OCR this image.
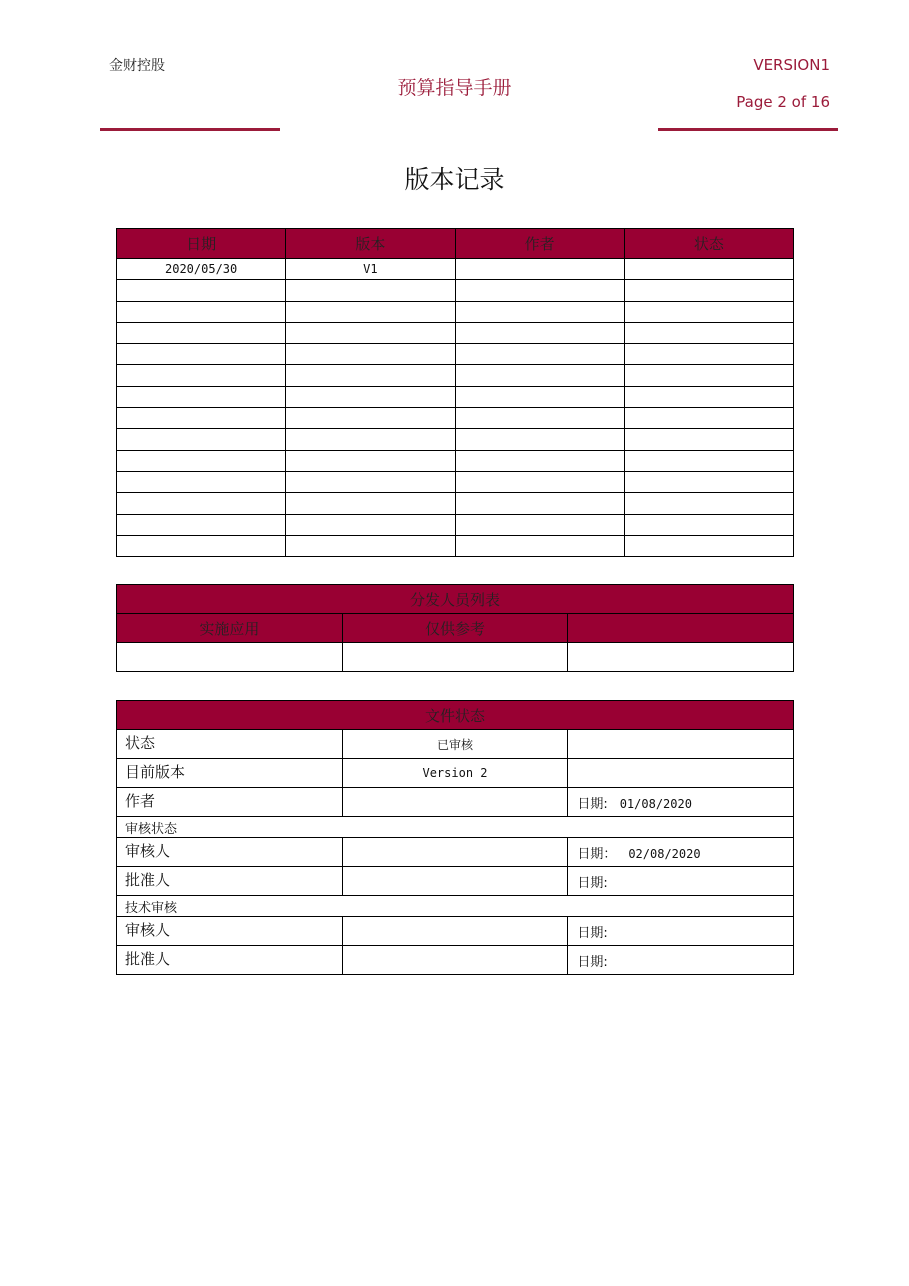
金财控股
预算指导手册
VERSION1
Page 2 of 16
版本记录
日期	版本	作者	状态
2020/05/30	V1		

分发人员列表		
实施应用	仅供参考	

文件状态		
状态	已审核	
目前版本	Version 2	
作者		日期: 01/08/2020
审核状态		
审核人		日期： 02/08/2020
批准人		日期:
技术审核		
审核人		日期:
批准人		日期:
